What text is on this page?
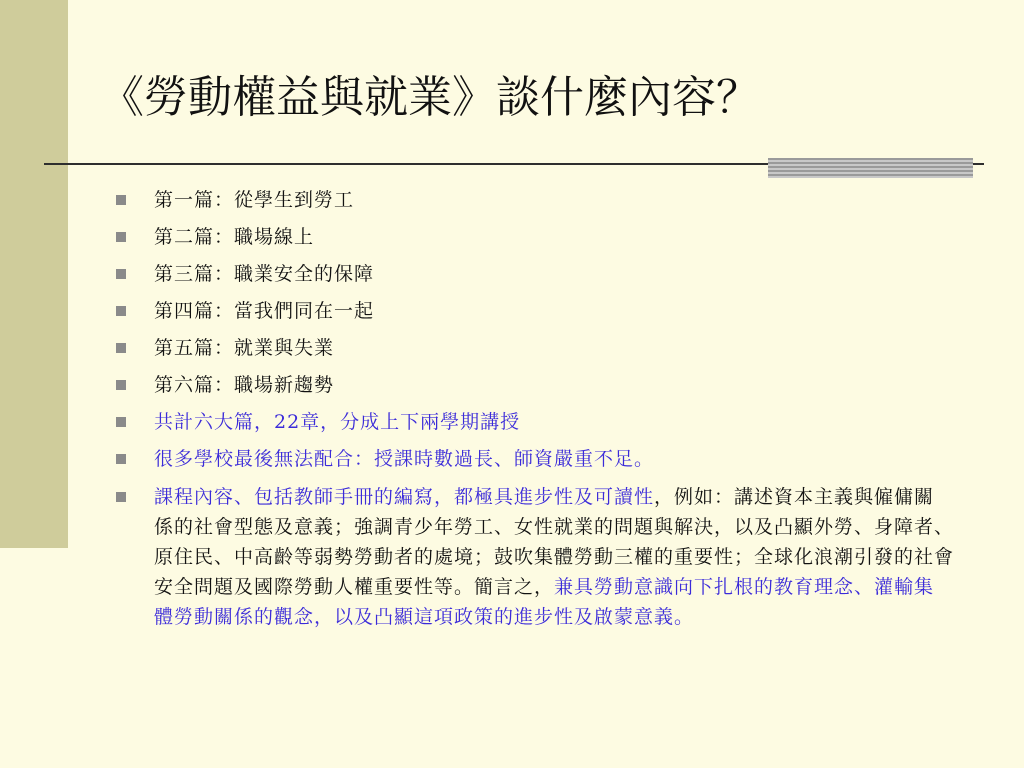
《勞動權益與就業》談什麼內容？
第一篇：從學生到勞工
第二篇：職場線上
第三篇：職業安全的保障
第四篇：當我們同在一起
第五篇：就業與失業
第六篇：職場新趨勢
共計六大篇，22章，分成上下兩學期講授
很多學校最後無法配合：授課時數過長、師資嚴重不足。
課程內容、包括教師手冊的編寫，都極具進步性及可讀性，例如：講述資本主義與僱傭關係的社會型態及意義；強調青少年勞工、女性就業的問題與解決，以及凸顯外勞、身障者、原住民、中高齡等弱勢勞動者的處境；鼓吹集體勞動三權的重要性；全球化浪潮引發的社會安全問題及國際勞動人權重要性等。簡言之，兼具勞動意識向下扎根的教育理念、灌輸集體勞動關係的觀念，以及凸顯這項政策的進步性及啟蒙意義。
